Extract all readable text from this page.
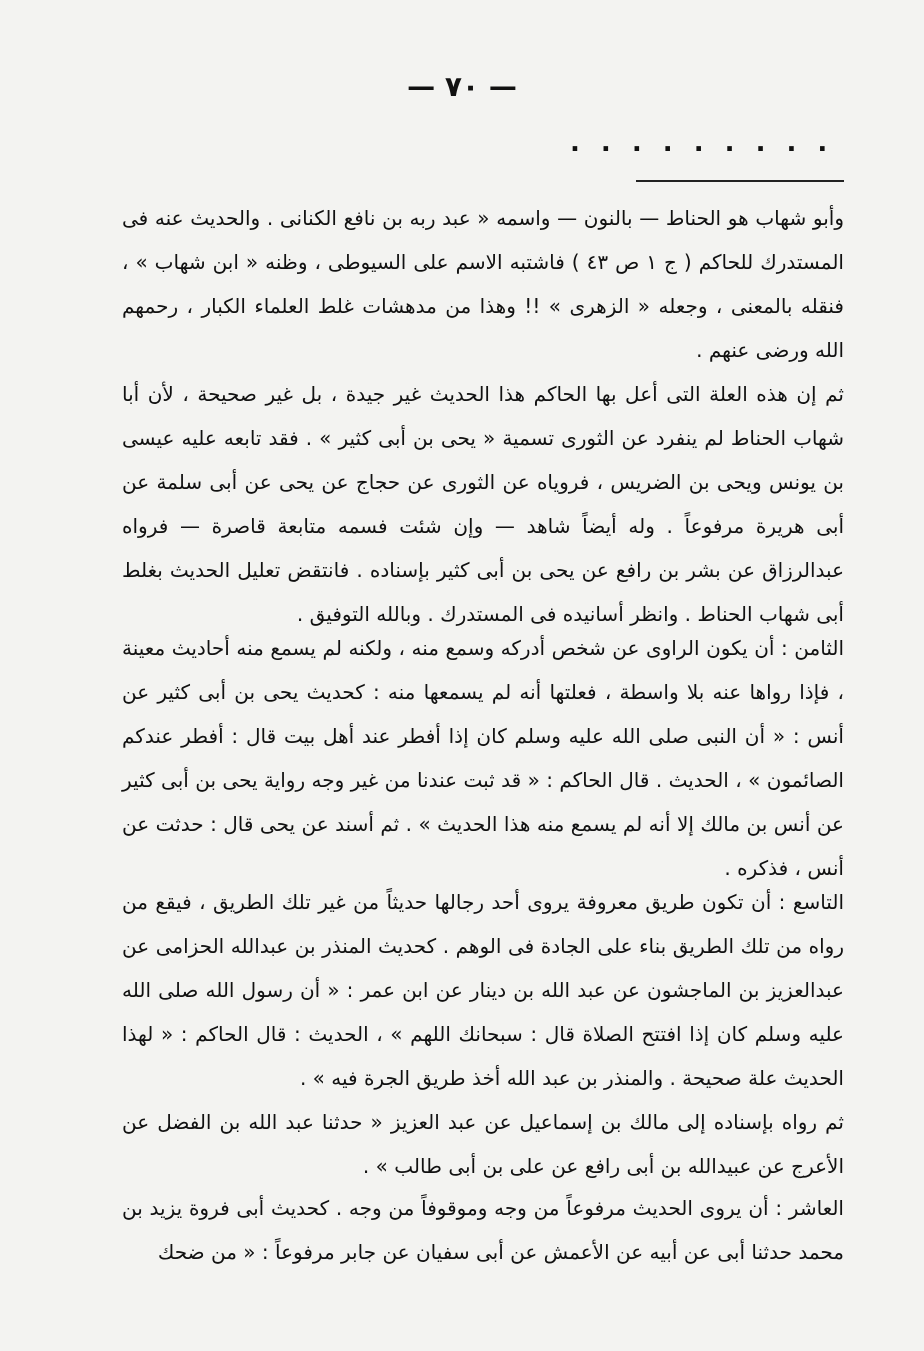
— ٧٠ —
. . . . . . . . .
وأبو شهاب هو الحناط — بالنون — واسمه « عبد ربه بن نافع الكنانى . والحديث عنه فى المستدرك للحاكم ( ج ١ ص ٤٣ ) فاشتبه الاسم على السيوطى ، وظنه « ابن شهاب » ، فنقله بالمعنى ، وجعله « الزهرى » !! وهذا من مدهشات غلط العلماء الكبار ، رحمهم الله ورضى عنهم .
ثم إن هذه العلة التى أعل بها الحاكم هذا الحديث غير جيدة ، بل غير صحيحة ، لأن أبا شهاب الحناط لم ينفرد عن الثورى تسمية « يحى بن أبى كثير » . فقد تابعه عليه عيسى بن يونس ويحى بن الضريس ، فروياه عن الثورى عن حجاج عن يحى عن أبى سلمة عن أبى هريرة مرفوعاً . وله أيضاً شاهد — وإن شئت فسمه متابعة قاصرة — فرواه عبدالرزاق عن بشر بن رافع عن يحى بن أبى كثير بإسناده . فانتقض تعليل الحديث بغلط أبى شهاب الحناط . وانظر أسانيده فى المستدرك . وبالله التوفيق .
الثامن : أن يكون الراوى عن شخص أدركه وسمع منه ، ولكنه لم يسمع منه أحاديث معينة ، فإذا رواها عنه بلا واسطة ، فعلتها أنه لم يسمعها منه : كحديث يحى بن أبى كثير عن أنس : « أن النبى صلى الله عليه وسلم كان إذا أفطر عند أهل بيت قال : أفطر عندكم الصائمون » ، الحديث . قال الحاكم : « قد ثبت عندنا من غير وجه رواية يحى بن أبى كثير عن أنس بن مالك إلا أنه لم يسمع منه هذا الحديث » . ثم أسند عن يحى قال : حدثت عن أنس ، فذكره .
التاسع : أن تكون طريق معروفة يروى أحد رجالها حديثاً من غير تلك الطريق ، فيقع من رواه من تلك الطريق بناء على الجادة فى الوهم . كحديث المنذر بن عبدالله الحزامى عن عبدالعزيز بن الماجشون عن عبد الله بن دينار عن ابن عمر : « أن رسول الله صلى الله عليه وسلم كان إذا افتتح الصلاة قال : سبحانك اللهم » ، الحديث : قال الحاكم : « لهذا الحديث علة صحيحة . والمنذر بن عبد الله أخذ طريق الجرة فيه » .
ثم رواه بإسناده إلى مالك بن إسماعيل عن عبد العزيز « حدثنا عبد الله بن الفضل عن الأعرج عن عبيدالله بن أبى رافع عن على بن أبى طالب » .
العاشر : أن يروى الحديث مرفوعاً من وجه وموقوفاً من وجه . كحديث أبى فروة يزيد بن محمد حدثنا أبى عن أبيه عن الأعمش عن أبى سفيان عن جابر مرفوعاً : « من ضحك
